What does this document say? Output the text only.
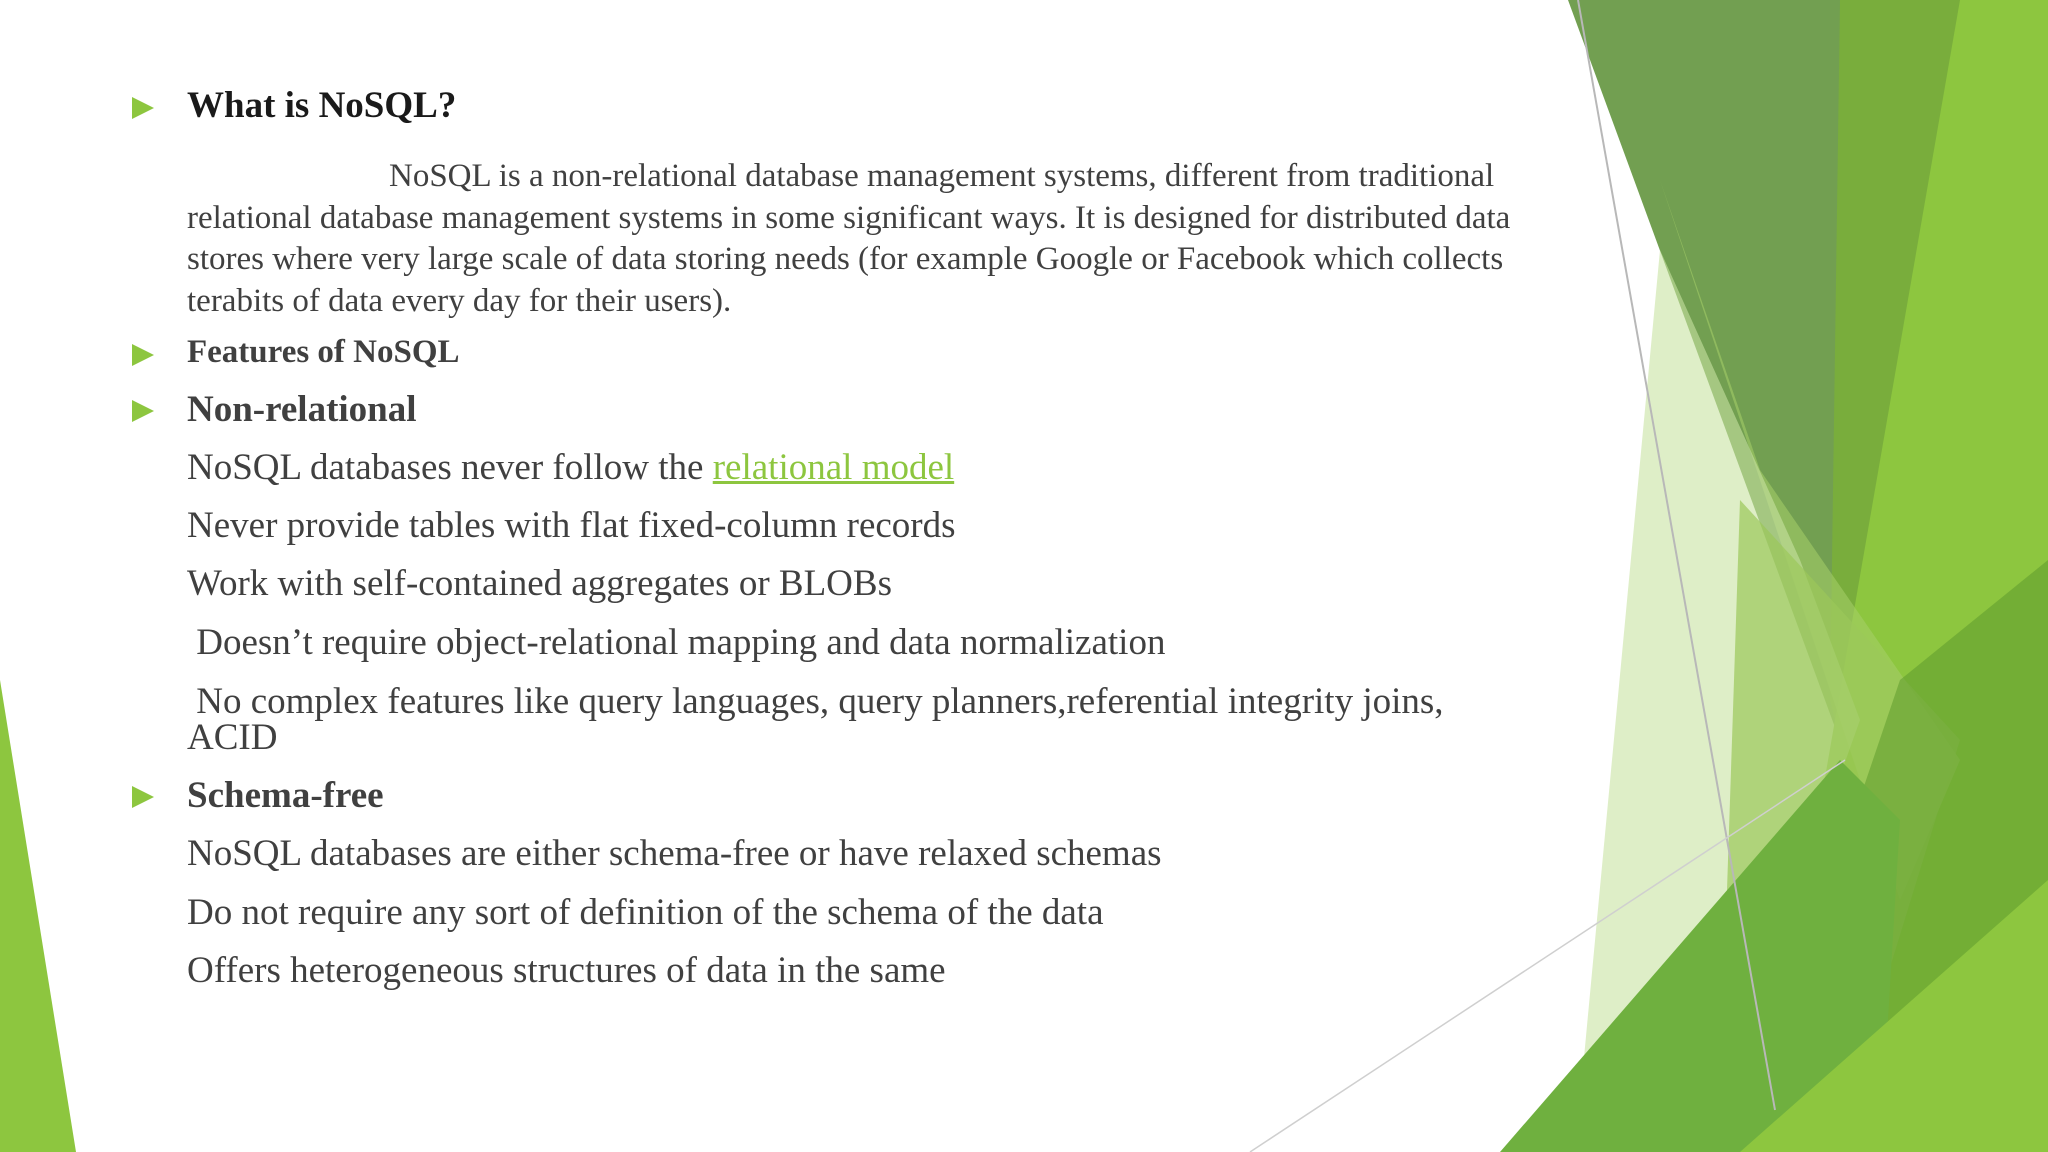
What is NoSQL?
NoSQL is a non-relational database management systems, different from traditional relational database management systems in some significant ways. It is designed for distributed data stores where very large scale of data storing needs (for example Google or Facebook which collects terabits of data every day for their users).
Features of NoSQL
Non-relational
NoSQL databases never follow the relational model
Never provide tables with flat fixed-column records
Work with self-contained aggregates or BLOBs
Doesn’t require object-relational mapping and data normalization
No complex features like query languages, query planners,referential integrity joins,
ACID
Schema-free
NoSQL databases are either schema-free or have relaxed schemas
Do not require any sort of definition of the schema of the data
Offers heterogeneous structures of data in the same
